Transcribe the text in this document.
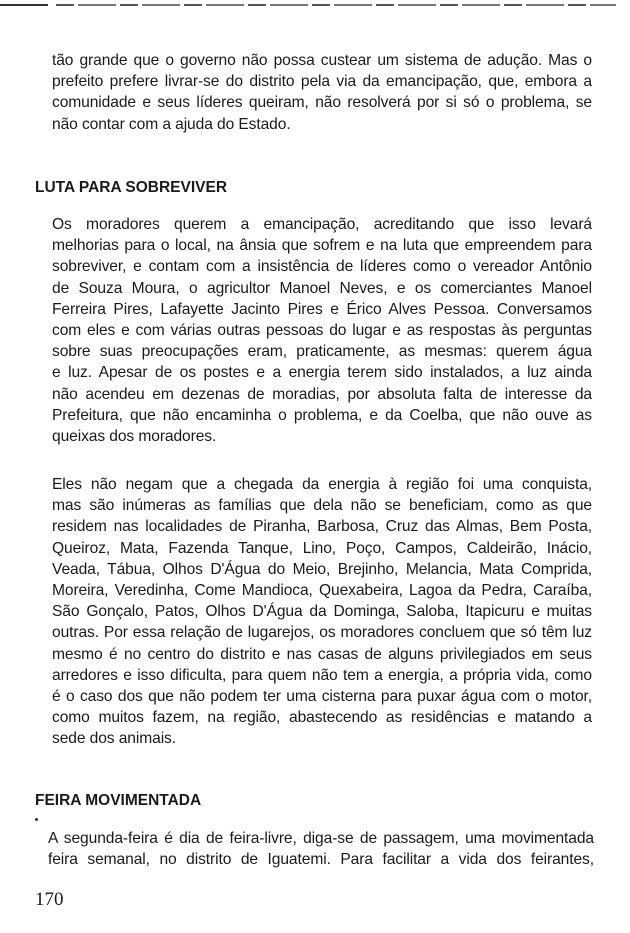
tão grande que o governo não possa custear um sistema de adução. Mas o
prefeito prefere livrar-se do distrito pela via da emancipação, que, embora a
comunidade e seus líderes queiram, não resolverá por si só o problema, se
não contar com a ajuda do Estado.
LUTA PARA SOBREVIVER
Os moradores querem a emancipação, acreditando que isso levará
melhorias para o local, na ânsia que sofrem e na luta que empreendem para
sobreviver, e contam com a insistência de líderes como o vereador Antônio
de Souza Moura, o agricultor Manoel Neves, e os comerciantes Manoel
Ferreira Pires, Lafayette Jacinto Pires e Érico Alves Pessoa. Conversamos
com eles e com várias outras pessoas do lugar e as respostas às perguntas
sobre suas preocupações eram, praticamente, as mesmas: querem água
e luz. Apesar de os postes e a energia terem sido instalados, a luz ainda
não acendeu em dezenas de moradias, por absoluta falta de interesse da
Prefeitura, que não encaminha o problema, e da Coelba, que não ouve as
queixas dos moradores.
Eles não negam que a chegada da energia à região foi uma conquista,
mas são inúmeras as famílias que dela não se beneficiam, como as que
residem nas localidades de Piranha, Barbosa, Cruz das Almas, Bem Posta,
Queiroz, Mata, Fazenda Tanque, Lino, Poço, Campos, Caldeirão, Inácio,
Veada, Tábua, Olhos D'Água do Meio, Brejinho, Melancia, Mata Comprida,
Moreira, Veredinha, Come Mandioca, Quexabeira, Lagoa da Pedra, Caraíba,
São Gonçalo, Patos, Olhos D'Água da Dominga, Saloba, Itapicuru e muitas
outras. Por essa relação de lugarejos, os moradores concluem que só têm luz
mesmo é no centro do distrito e nas casas de alguns privilegiados em seus
arredores e isso dificulta, para quem não tem a energia, a própria vida, como
é o caso dos que não podem ter uma cisterna para puxar água com o motor,
como muitos fazem, na região, abastecendo as residências e matando a
sede dos animais.
FEIRA MOVIMENTADA
A segunda-feira é dia de feira-livre, diga-se de passagem, uma movimentada
feira semanal, no distrito de Iguatemi. Para facilitar a vida dos feirantes,
170
